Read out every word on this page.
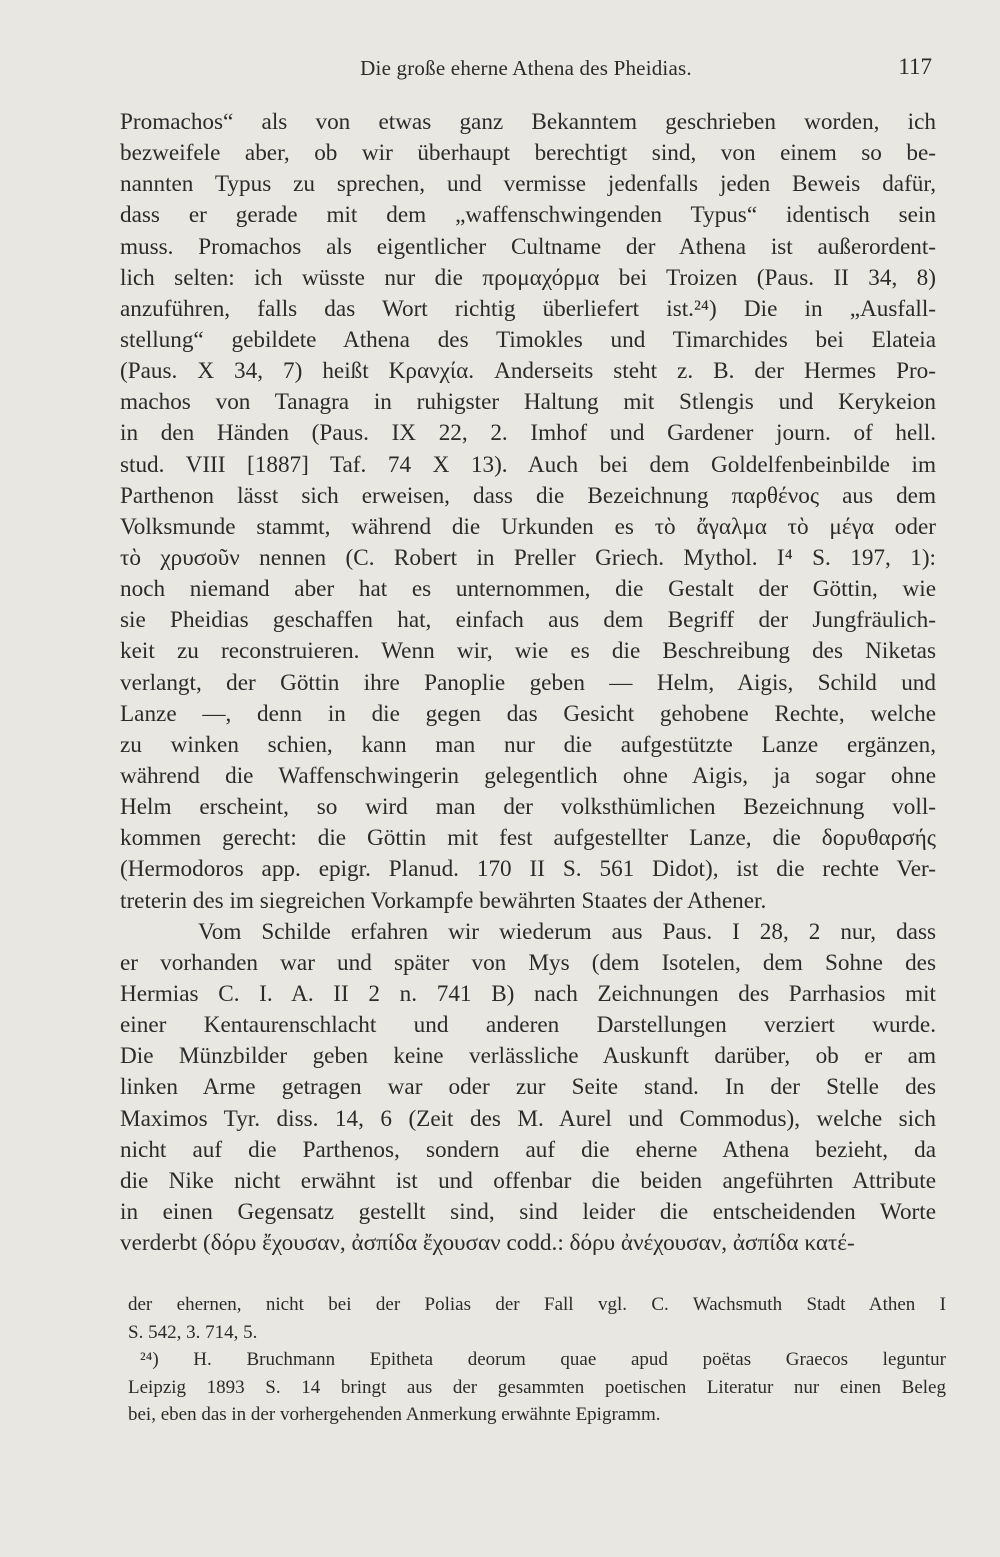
Die große eherne Athena des Pheidias.	117
Promachos“ als von etwas ganz Bekanntem geschrieben worden, ich
bezweifele aber, ob wir überhaupt berechtigt sind, von einem so be-
nannten Typus zu sprechen, und vermisse jedenfalls jeden Beweis dafür,
dass er gerade mit dem „waffenschwingenden Typus“ identisch sein
muss. Promachos als eigentlicher Cultname der Athena ist außerordent-
lich selten: ich wüsste nur die προμαχόρμα bei Troizen (Paus. II 34, 8)
anzuführen, falls das Wort richtig überliefert ist.²⁴) Die in „Ausfall-
stellung“ gebildete Athena des Timokles und Timarchides bei Elateia
(Paus. X 34, 7) heißt Κρανχία. Anderseits steht z. B. der Hermes Pro-
machos von Tanagra in ruhigster Haltung mit Stlengis und Kerykeion
in den Händen (Paus. IX 22, 2. Imhof und Gardener journ. of hell.
stud. VIII [1887] Taf. 74 X 13). Auch bei dem Goldelfenbeinbilde im
Parthenon lässt sich erweisen, dass die Bezeichnung παρθένος aus dem
Volksmunde stammt, während die Urkunden es τὸ ἄγαλμα τὸ μέγα oder
τὸ χρυσοῦν nennen (C. Robert in Preller Griech. Mythol. I⁴ S. 197, 1):
noch niemand aber hat es unternommen, die Gestalt der Göttin, wie
sie Pheidias geschaffen hat, einfach aus dem Begriff der Jungfräulich-
keit zu reconstruieren. Wenn wir, wie es die Beschreibung des Niketas
verlangt, der Göttin ihre Panoplie geben — Helm, Aigis, Schild und
Lanze —, denn in die gegen das Gesicht gehobene Rechte, welche
zu winken schien, kann man nur die aufgestützte Lanze ergänzen,
während die Waffenschwingerin gelegentlich ohne Aigis, ja sogar ohne
Helm erscheint, so wird man der volksthümlichen Bezeichnung voll-
kommen gerecht: die Göttin mit fest aufgestellter Lanze, die δορυθαρσής
(Hermodoros app. epigr. Planud. 170 II S. 561 Didot), ist die rechte Ver-
treterin des im siegreichen Vorkampfe bewährten Staates der Athener.
Vom Schilde erfahren wir wiederum aus Paus. I 28, 2 nur, dass
er vorhanden war und später von Mys (dem Isotelen, dem Sohne des
Hermias C. I. A. II 2 n. 741 B) nach Zeichnungen des Parrhasios mit
einer Kentaurenschlacht und anderen Darstellungen verziert wurde.
Die Münzbilder geben keine verlässliche Auskunft darüber, ob er am
linken Arme getragen war oder zur Seite stand. In der Stelle des
Maximos Tyr. diss. 14, 6 (Zeit des M. Aurel und Commodus), welche sich
nicht auf die Parthenos, sondern auf die eherne Athena bezieht, da
die Nike nicht erwähnt ist und offenbar die beiden angeführten Attribute
in einen Gegensatz gestellt sind, sind leider die entscheidenden Worte
verderbt (δόρυ ἔχουσαν, ἀσπίδα ἔχουσαν codd.: δόρυ ἀνέχουσαν, ἀσπίδα κατέ-
der ehernen, nicht bei der Polias der Fall vgl. C. Wachsmuth Stadt Athen I
S. 542, 3. 714, 5.
²⁴) H. Bruchmann Epitheta deorum quae apud poëtas Graecos leguntur
Leipzig 1893 S. 14 bringt aus der gesammten poetischen Literatur nur einen Beleg
bei, eben das in der vorhergehenden Anmerkung erwähnte Epigramm.
